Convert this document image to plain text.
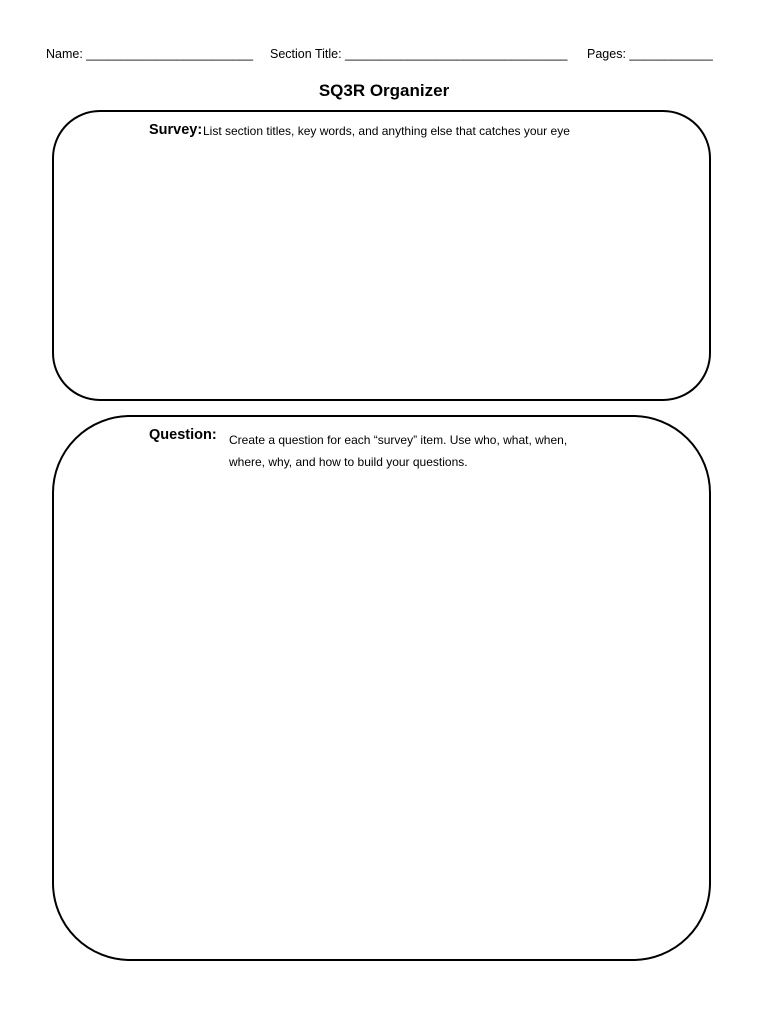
Name: ________________________ Section Title: ________________________________ Pages: ____________
SQ3R Organizer
Survey: List section titles, key words, and anything else that catches your eye
Question: Create a question for each “survey” item. Use who, what, when,
where, why, and how to build your questions.
